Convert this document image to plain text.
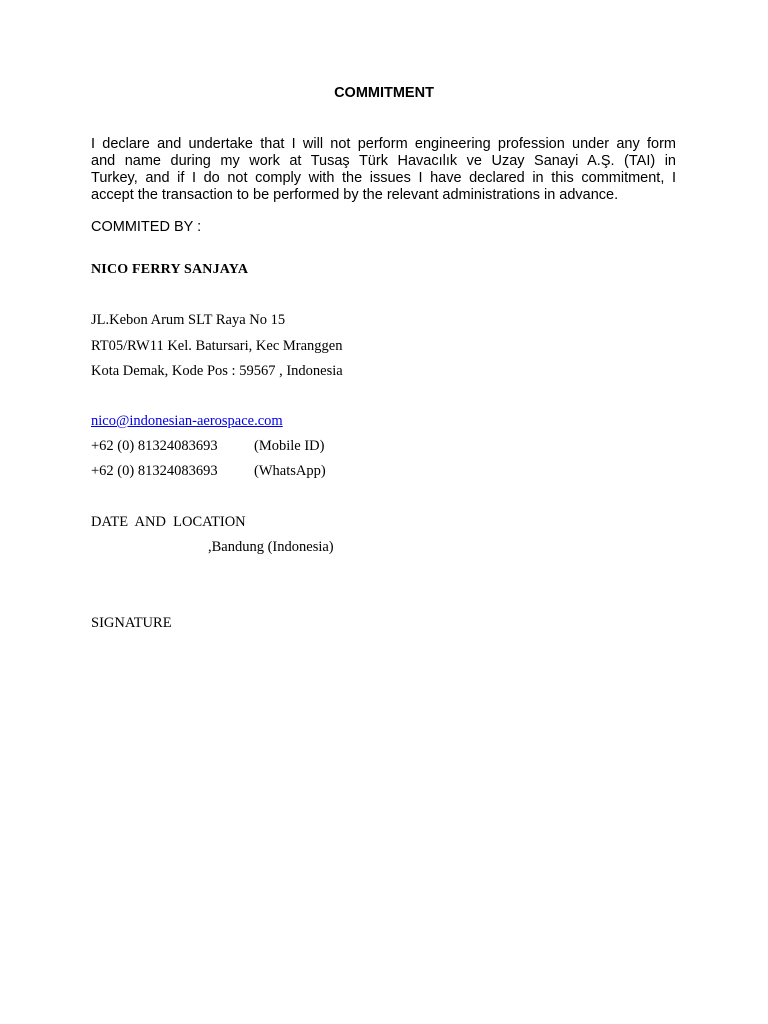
COMMITMENT
I declare and undertake that I will not perform engineering profession under any form
and name during my work at Tusaş Türk Havacılık ve Uzay Sanayi A.Ş. (TAI) in
Turkey, and if I do not comply with the issues I have declared in this commitment, I
accept the transaction to be performed by the relevant administrations in advance.
COMMITED BY :
NICO FERRY SANJAYA
JL.Kebon Arum SLT Raya No 15
RT05/RW11 Kel. Batursari, Kec Mranggen
Kota Demak, Kode Pos : 59567 , Indonesia
nico@indonesian-aerospace.com
+62 (0) 81324083693	(Mobile ID)
+62 (0) 81324083693	(WhatsApp)
DATE  AND  LOCATION
,Bandung (Indonesia)
SIGNATURE
